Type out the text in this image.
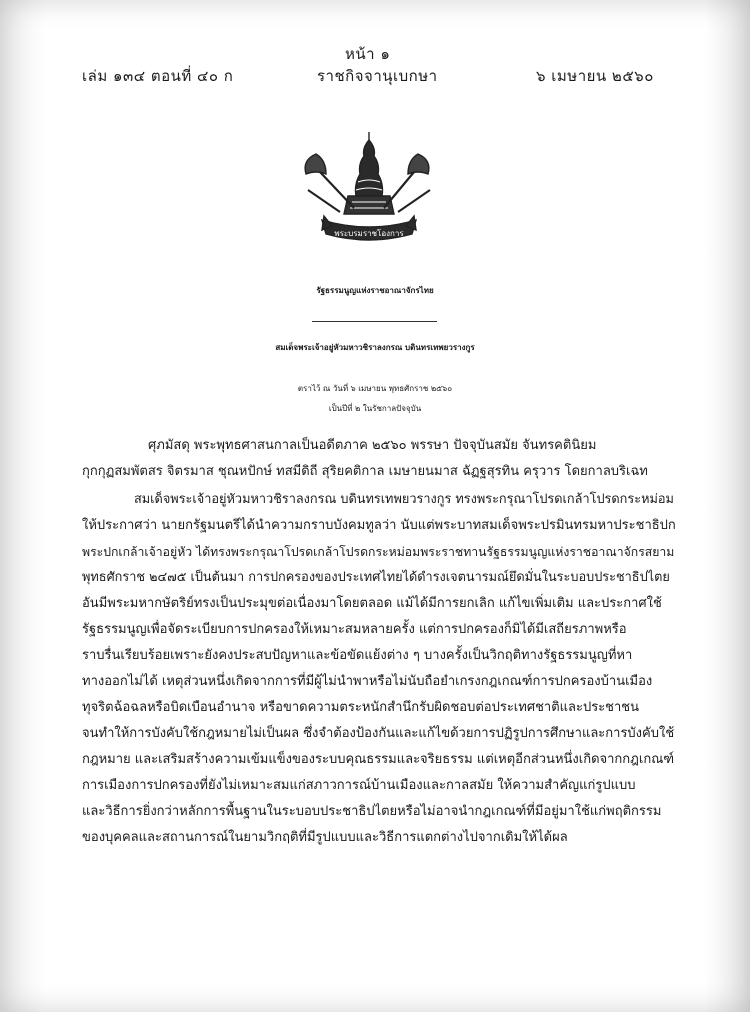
หน้า ๑
เล่ม ๑๓๔ ตอนที่ ๔๐ ก	ราชกิจจานุเบกษา	๖ เมษายน ๒๕๖๐
พระบรมราชโองการ
รัฐธรรมนูญแห่งราชอาณาจักรไทย
สมเด็จพระเจ้าอยู่หัวมหาวชิราลงกรณ บดินทรเทพยวรางกูร
ตราไว้ ณ วันที่ ๖ เมษายน พุทธศักราช ๒๕๖๐
เป็นปีที่ ๒ ในรัชกาลปัจจุบัน
ศุภมัสดุ พระพุทธศาสนกาลเป็นอดีตภาค ๒๕๖๐ พรรษา ปัจจุบันสมัย จันทรคตินิยม
กุกกุฏสมพัตสร จิตรมาส ชุณหปักษ์ ทสมีดิถี สุริยคติกาล เมษายนมาส ฉัฏฐสุรทิน ครุวาร โดยกาลบริเฉท
สมเด็จพระเจ้าอยู่หัวมหาวชิราลงกรณ บดินทรเทพยวรางกูร ทรงพระกรุณาโปรดเกล้าโปรดกระหม่อม
ให้ประกาศว่า นายกรัฐมนตรีได้นำความกราบบังคมทูลว่า นับแต่พระบาทสมเด็จพระปรมินทรมหาประชาธิปก
พระปกเกล้าเจ้าอยู่หัว ได้ทรงพระกรุณาโปรดเกล้าโปรดกระหม่อมพระราชทานรัฐธรรมนูญแห่งราชอาณาจักรสยาม
พุทธศักราช ๒๔๗๕ เป็นต้นมา การปกครองของประเทศไทยได้ดำรงเจตนารมณ์ยึดมั่นในระบอบประชาธิปไตย
อันมีพระมหากษัตริย์ทรงเป็นประมุขต่อเนื่องมาโดยตลอด แม้ได้มีการยกเลิก แก้ไขเพิ่มเติม และประกาศใช้
รัฐธรรมนูญเพื่อจัดระเบียบการปกครองให้เหมาะสมหลายครั้ง แต่การปกครองก็มิได้มีเสถียรภาพหรือ
ราบรื่นเรียบร้อยเพราะยังคงประสบปัญหาและข้อขัดแย้งต่าง ๆ บางครั้งเป็นวิกฤติทางรัฐธรรมนูญที่หา
ทางออกไม่ได้ เหตุส่วนหนึ่งเกิดจากการที่มีผู้ไม่นำพาหรือไม่นับถือยำเกรงกฎเกณฑ์การปกครองบ้านเมือง
ทุจริตฉ้อฉลหรือบิดเบือนอำนาจ หรือขาดความตระหนักสำนึกรับผิดชอบต่อประเทศชาติและประชาชน
จนทำให้การบังคับใช้กฎหมายไม่เป็นผล ซึ่งจำต้องป้องกันและแก้ไขด้วยการปฏิรูปการศึกษาและการบังคับใช้
กฎหมาย และเสริมสร้างความเข้มแข็งของระบบคุณธรรมและจริยธรรม แต่เหตุอีกส่วนหนึ่งเกิดจากกฎเกณฑ์
การเมืองการปกครองที่ยังไม่เหมาะสมแก่สภาวการณ์บ้านเมืองและกาลสมัย ให้ความสำคัญแก่รูปแบบ
และวิธีการยิ่งกว่าหลักการพื้นฐานในระบอบประชาธิปไตยหรือไม่อาจนำกฎเกณฑ์ที่มีอยู่มาใช้แก่พฤติกรรม
ของบุคคลและสถานการณ์ในยามวิกฤติที่มีรูปแบบและวิธีการแตกต่างไปจากเดิมให้ได้ผล
